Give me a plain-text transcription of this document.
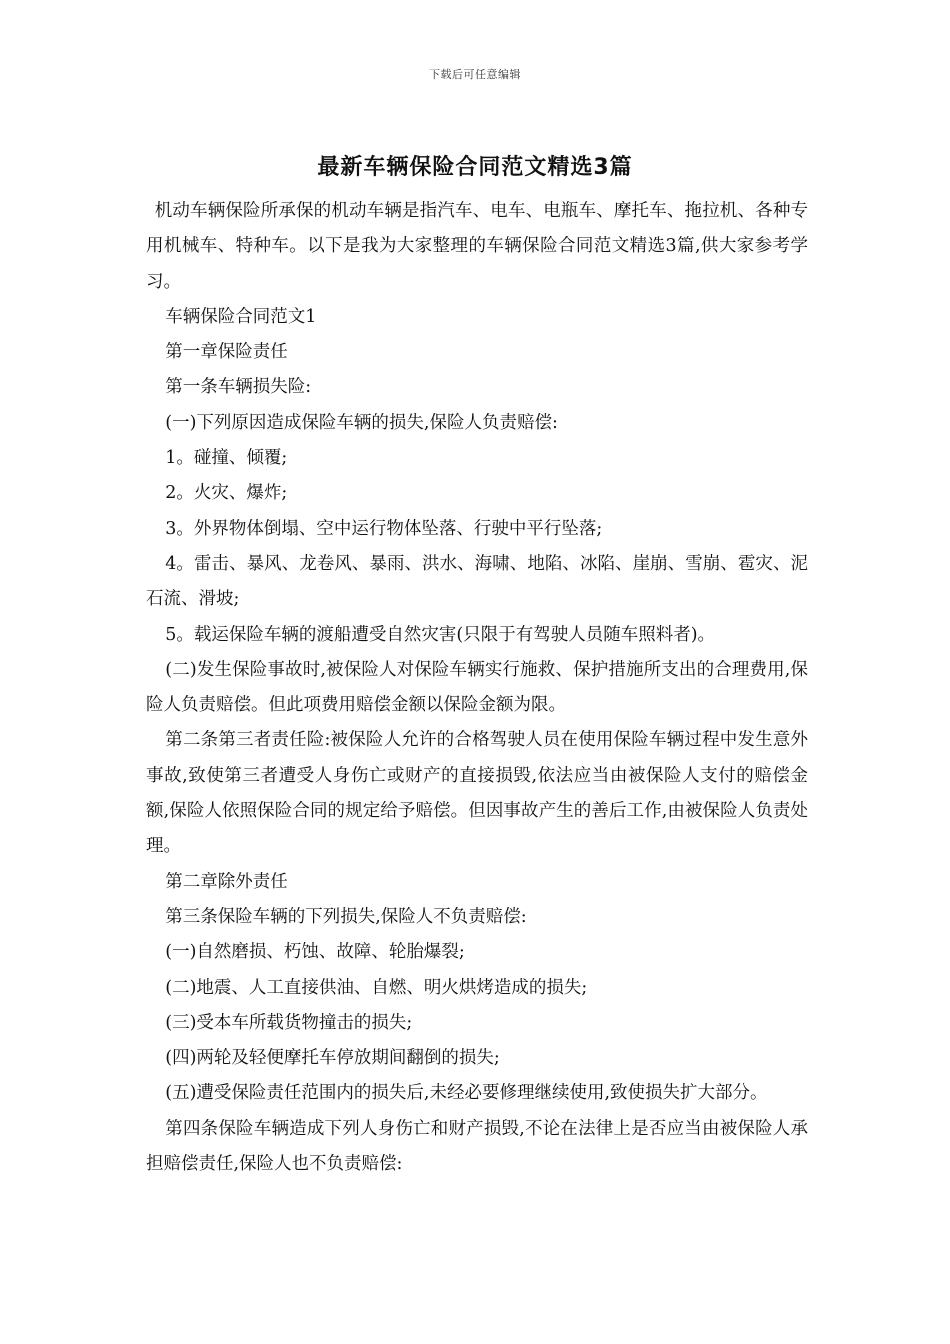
下载后可任意编辑
最新车辆保险合同范文精选3篇

机动车辆保险所承保的机动车辆是指汽车、电车、电瓶车、摩托车、拖拉机、各种专用机械车、特种车。以下是我为大家整理的车辆保险合同范文精选3篇,供大家参考学习。

车辆保险合同范文1

第一章保险责任

第一条车辆损失险:

(一)下列原因造成保险车辆的损失,保险人负责赔偿:

1。碰撞、倾覆;

2。火灾、爆炸;

3。外界物体倒塌、空中运行物体坠落、行驶中平行坠落;

4。雷击、暴风、龙卷风、暴雨、洪水、海啸、地陷、冰陷、崖崩、雪崩、雹灾、泥石流、滑坡;

5。载运保险车辆的渡船遭受自然灾害(只限于有驾驶人员随车照料者)。

(二)发生保险事故时,被保险人对保险车辆实行施救、保护措施所支出的合理费用,保险人负责赔偿。但此项费用赔偿金额以保险金额为限。

第二条第三者责任险:被保险人允许的合格驾驶人员在使用保险车辆过程中发生意外事故,致使第三者遭受人身伤亡或财产的直接损毁,依法应当由被保险人支付的赔偿金额,保险人依照保险合同的规定给予赔偿。但因事故产生的善后工作,由被保险人负责处理。

第二章除外责任

第三条保险车辆的下列损失,保险人不负责赔偿:

(一)自然磨损、朽蚀、故障、轮胎爆裂;

(二)地震、人工直接供油、自燃、明火烘烤造成的损失;

(三)受本车所载货物撞击的损失;

(四)两轮及轻便摩托车停放期间翻倒的损失;

(五)遭受保险责任范围内的损失后,未经必要修理继续使用,致使损失扩大部分。

第四条保险车辆造成下列人身伤亡和财产损毁,不论在法律上是否应当由被保险人承担赔偿责任,保险人也不负责赔偿:
